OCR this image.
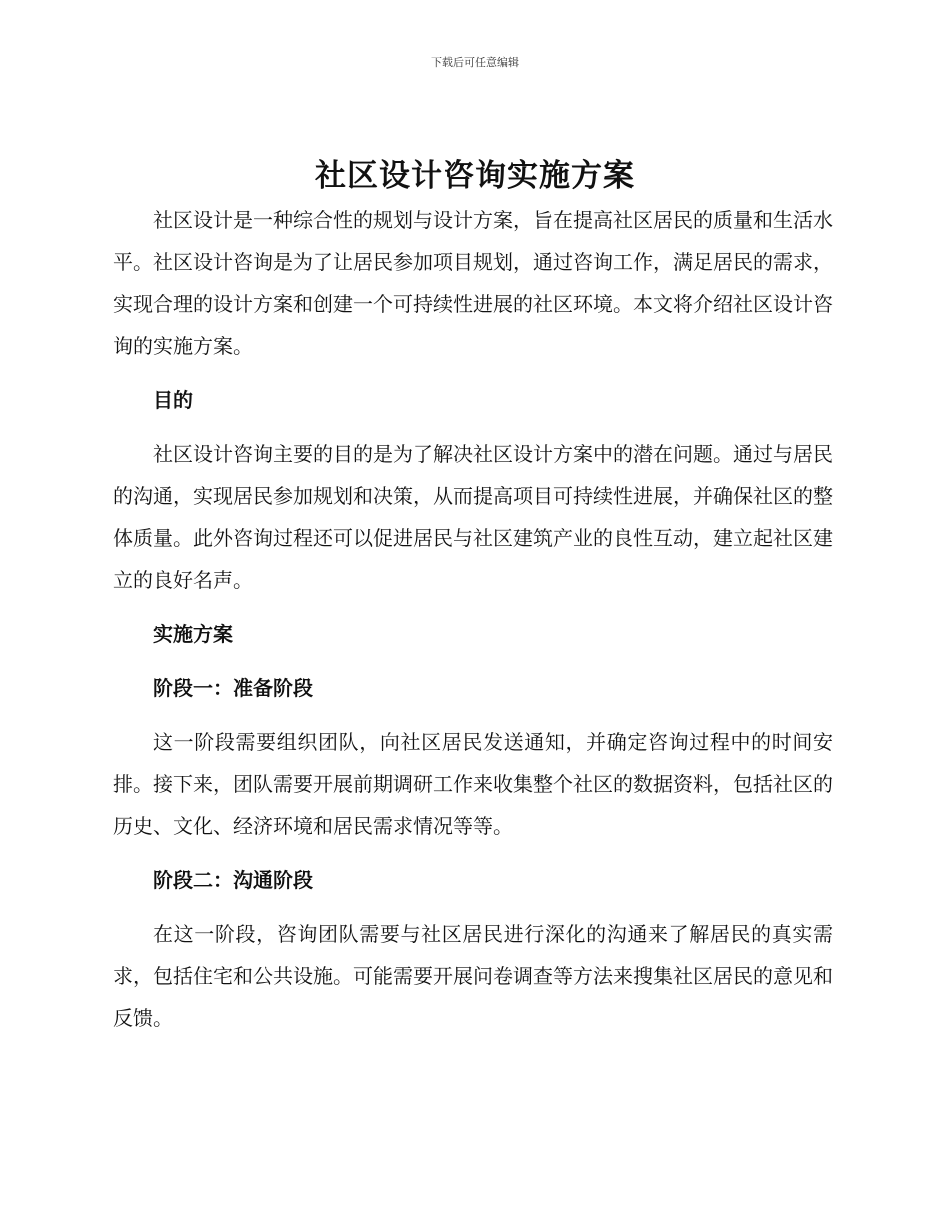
下载后可任意编辑
社区设计咨询实施方案

社区设计是一种综合性的规划与设计方案，旨在提高社区居民的质量和生活水平。社区设计咨询是为了让居民参加项目规划，通过咨询工作，满足居民的需求，实现合理的设计方案和创建一个可持续性进展的社区环境。本文将介绍社区设计咨询的实施方案。

目的

社区设计咨询主要的目的是为了解决社区设计方案中的潜在问题。通过与居民的沟通，实现居民参加规划和决策，从而提高项目可持续性进展，并确保社区的整体质量。此外咨询过程还可以促进居民与社区建筑产业的良性互动，建立起社区建立的良好名声。

实施方案
阶段一：准备阶段

这一阶段需要组织团队，向社区居民发送通知，并确定咨询过程中的时间安排。接下来，团队需要开展前期调研工作来收集整个社区的数据资料，包括社区的历史、文化、经济环境和居民需求情况等等。

阶段二：沟通阶段

在这一阶段，咨询团队需要与社区居民进行深化的沟通来了解居民的真实需求，包括住宅和公共设施。可能需要开展问卷调查等方法来搜集社区居民的意见和反馈。
